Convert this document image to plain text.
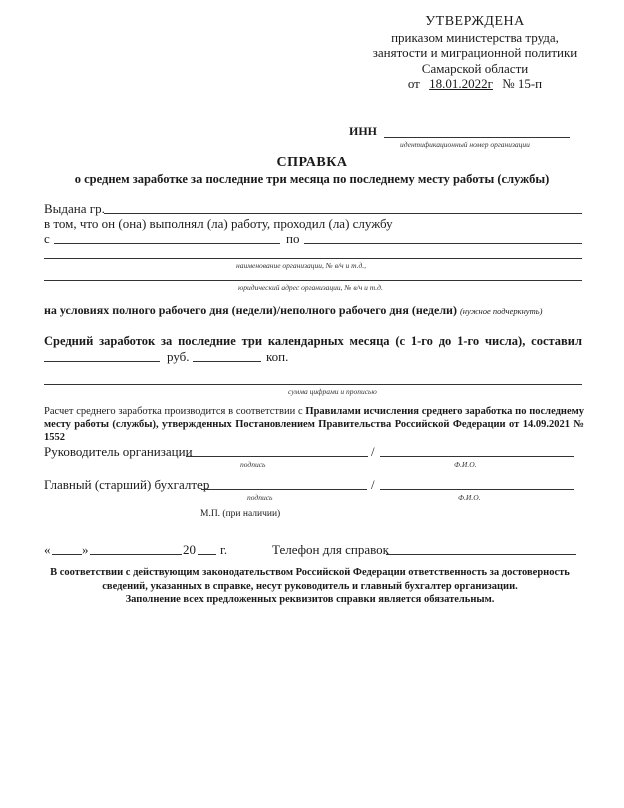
УТВЕРЖДЕНА
приказом министерства труда,
занятости и миграционной политики
Самарской области
от 18.01.2022г № 15-п
ИНН
идентификационный номер организации
СПРАВКА
о среднем заработке за последние три месяца по последнему месту работы (службы)
Выдана гр.
в том, что он (она) выполнял (ла) работу, проходил (ла) службу
с	по
наименование организации, № в/ч и т.д.,
юридический адрес организации, № в/ч и т.д.
на условиях полного рабочего дня (недели)/неполного рабочего дня (недели) (нужное подчеркнуть)
Средний заработок за последние три календарных месяца (с 1-го до 1-го числа), составил
руб.	коп.
сумма цифрами и прописью
Расчет среднего заработка производится в соответствии с Правилами исчисления среднего заработка по последнему месту работы (службы), утвержденных Постановлением Правительства Российской Федерации от 14.09.2021 № 1552
Руководитель организации	/
подпись	Ф.И.О.
Главный (старший) бухгалтер	/
подпись	Ф.И.О.
М.П. (при наличии)
« »	20 г.	Телефон для справок
В соответствии с действующим законодательством Российской Федерации ответственность за достоверность
сведений, указанных в справке, несут руководитель и главный бухгалтер организации.
Заполнение всех предложенных реквизитов справки является обязательным.
